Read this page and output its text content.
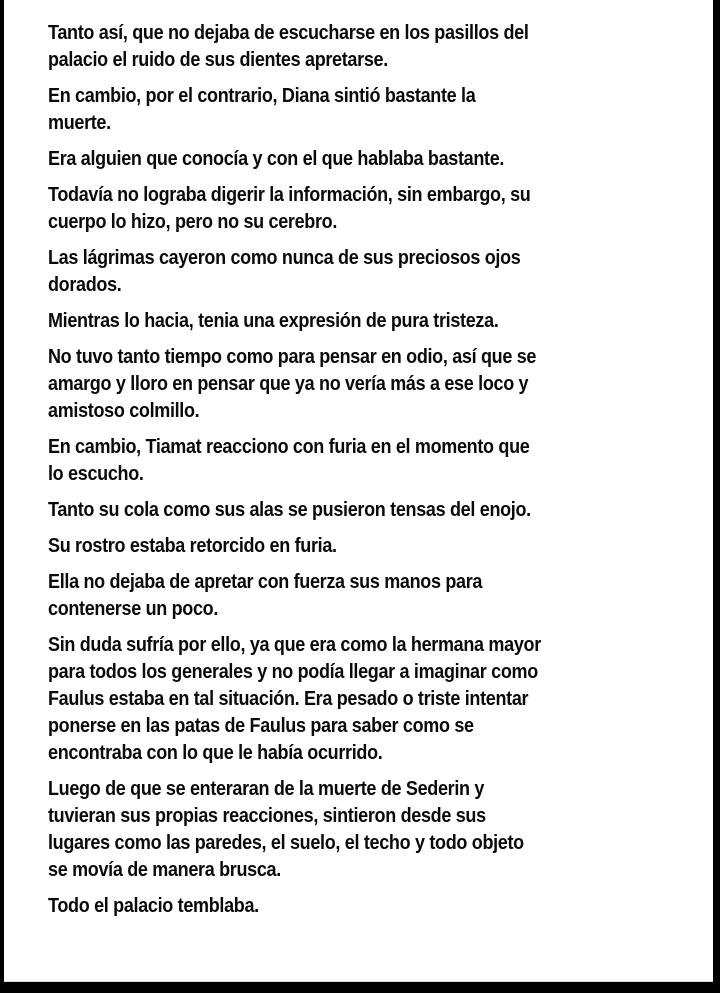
Tanto así, que no dejaba de escucharse en los pasillos del
palacio el ruido de sus dientes apretarse.

En cambio, por el contrario, Diana sintió bastante la
muerte.

Era alguien que conocía y con el que hablaba bastante.

Todavía no lograba digerir la información, sin embargo, su
cuerpo lo hizo, pero no su cerebro.

Las lágrimas cayeron como nunca de sus preciosos ojos
dorados.

Mientras lo hacia, tenia una expresión de pura tristeza.

No tuvo tanto tiempo como para pensar en odio, así que se
amargo y lloro en pensar que ya no vería más a ese loco y
amistoso colmillo.

En cambio, Tiamat reacciono con furia en el momento que
lo escucho.

Tanto su cola como sus alas se pusieron tensas del enojo.

Su rostro estaba retorcido en furia.

Ella no dejaba de apretar con fuerza sus manos para
contenerse un poco.

Sin duda sufría por ello, ya que era como la hermana mayor
para todos los generales y no podía llegar a imaginar como
Faulus estaba en tal situación. Era pesado o triste intentar
ponerse en las patas de Faulus para saber como se
encontraba con lo que le había ocurrido.

Luego de que se enteraran de la muerte de Sederin y
tuvieran sus propias reacciones, sintieron desde sus
lugares como las paredes, el suelo, el techo y todo objeto
se movía de manera brusca.

Todo el palacio temblaba.
